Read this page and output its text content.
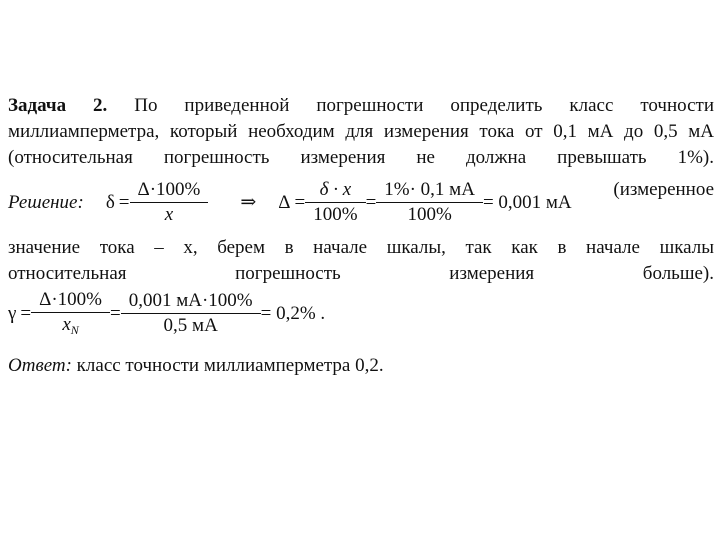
Задача 2. По приведенной погрешности определить класс точности миллиамперметра, который необходим для измерения тока от 0,1 мА до 0,5 мА (относительная погрешность измерения не должна превышать 1%).

Решение: $\delta = \frac{\Delta\cdot 100\%}{x}$ ⇒ $\Delta = \frac{\delta \cdot x}{100\%} = \frac{1\%\cdot 0,1 мA}{100\%} = 0,001$ мA
(измеренное

значение тока – x, берем в начале шкалы, так как в начале шкалы

относительная погрешность измерения больше).

$\gamma = \frac{\Delta\cdot 100\%}{x_N} = \frac{0,001 мA\cdot 100\%}{0,5 мA} = 0,2\%$ .

Ответ: класс точности миллиамперметра 0,2.
